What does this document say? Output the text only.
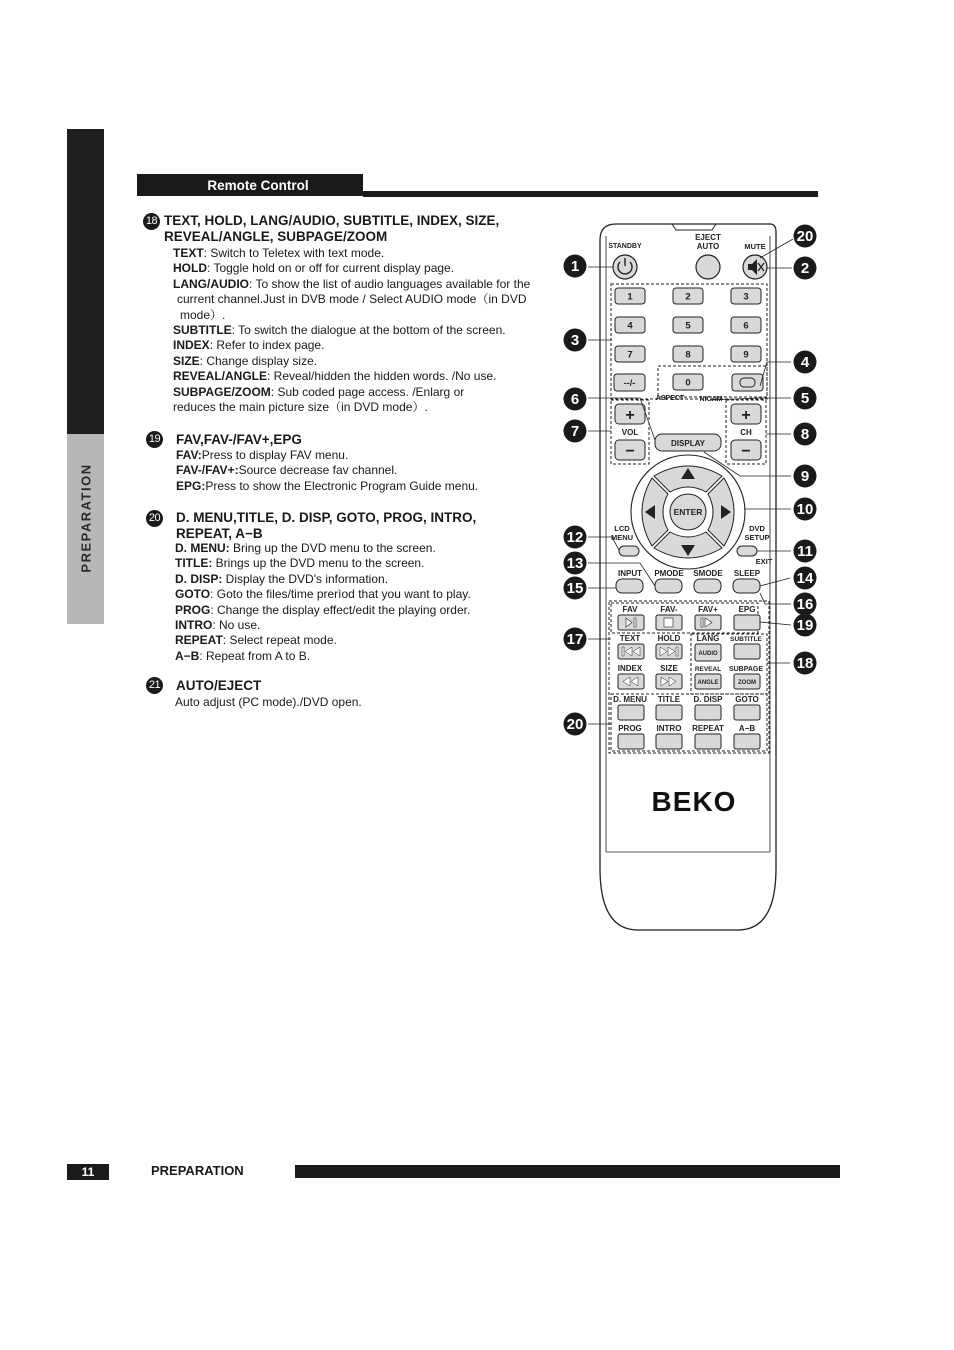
PREPARATION
Remote Control
18 TEXT, HOLD, LANG/AUDIO, SUBTITLE, INDEX, SIZE,
REVEAL/ANGLE, SUBPAGE/ZOOM
TEXT: Switch to Teletex with text mode.
HOLD: Toggle hold on or off for current display page.
LANG/AUDIO: To show the list of audio languages available for the
current channel.Just in DVB mode / Select AUDIO mode（in DVD
mode）.
SUBTITLE: To switch the dialogue at the bottom of the screen.
INDEX: Refer to index page.
SIZE: Change display size.
REVEAL/ANGLE: Reveal/hidden the hidden words. /No use.
SUBPAGE/ZOOM: Sub coded page access. /Enlarg or
reduces the main picture size（in DVD mode）.
19 FAV,FAV-/FAV+,EPG
FAV:Press to display FAV menu.
FAV-/FAV+:Source decrease fav channel.
EPG:Press to show the Electronic Program Guide menu.
20 D. MENU,TITLE, D. DISP, GOTO, PROG, INTRO,
REPEAT, A−B
D. MENU: Bring up the DVD menu to the screen.
TITLE: Brings up the DVD menu to the screen.
D. DISP: Display the DVD's information.
GOTO: Goto the files/time prerìod that you want to play.
PROG: Change the display effect/edit the playing order.
INTRO: No use.
REPEAT: Select repeat mode.
A−B: Repeat from A to B.
21 AUTO/EJECT
Auto adjust (PC mode)./DVD open.
STANDBY
EJECT
AUTO	MUTE
1	2	3
4	5	6
7	8	9
0
--/-
ASPECT NICAM
+
VOL
−
+
CH
−
DISPLAY
ENTER
LCD
MENU
DVD
SETUP
EXIT
INPUT PMODE SMODE SLEEP
FAV	FAV-	FAV+	EPG
TEXT HOLD LANG SUBTITLE
AUDIO
INDEX SIZE	REVEAL SUBPAGE
ANGLE	ZOOM
D. MENU TITLE D. DISP GOTO
PROG INTRO REPEAT A−B
BEKO
1	2
3
4
5
6
7	8
9
10
11
12
13
14
15
16
17
18
19
20
20
11	PREPARATION
